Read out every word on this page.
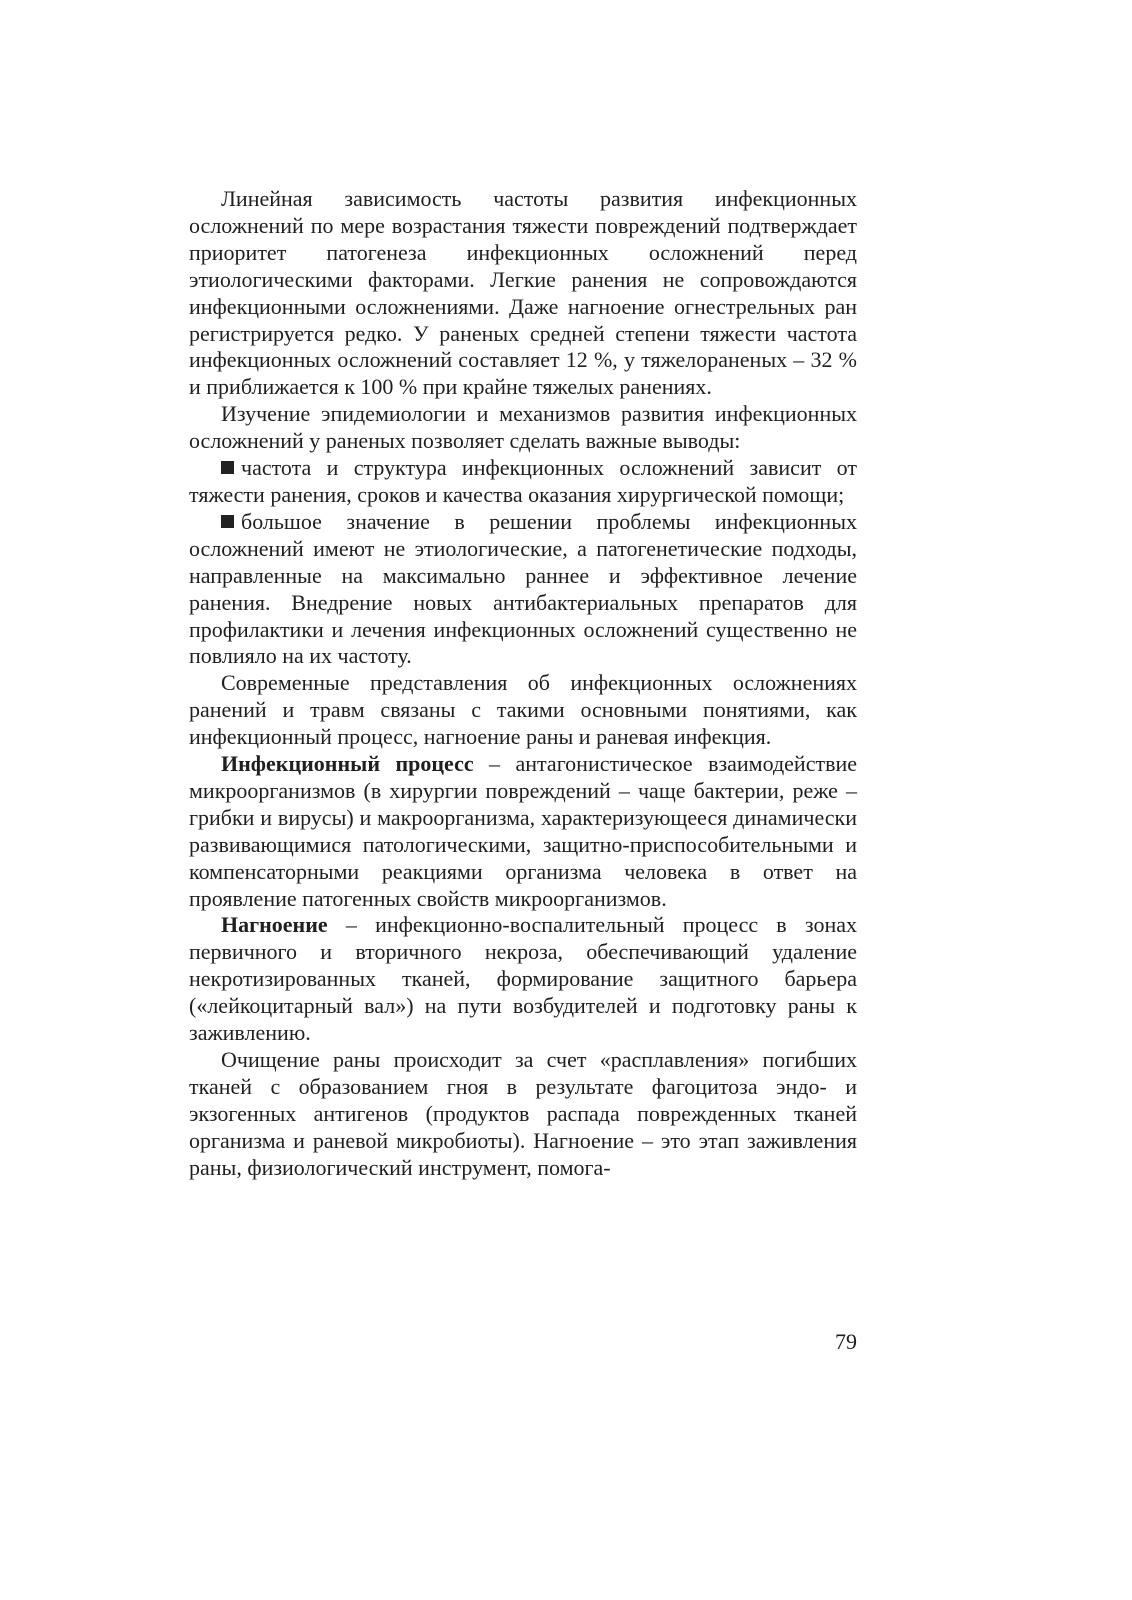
Линейная зависимость частоты развития инфекционных осложнений по мере возрастания тяжести повреждений подтверждает приоритет патогенеза инфекционных осложнений перед этиологическими факторами. Легкие ранения не сопровождаются инфекционными осложнениями. Даже нагноение огнестрельных ран регистрируется редко. У раненых средней степени тяжести частота инфекционных осложнений составляет 12 %, у тяжелораненых – 32 % и приближается к 100 % при крайне тяжелых ранениях.

Изучение эпидемиологии и механизмов развития инфекционных осложнений у раненых позволяет сделать важные выводы:

частота и структура инфекционных осложнений зависит от тяжести ранения, сроков и качества оказания хирургической помощи;

большое значение в решении проблемы инфекционных осложнений имеют не этиологические, а патогенетические подходы, направленные на максимально раннее и эффективное лечение ранения. Внедрение новых антибактериальных препаратов для профилактики и лечения инфекционных осложнений существенно не повлияло на их частоту.

Современные представления об инфекционных осложнениях ранений и травм связаны с такими основными понятиями, как инфекционный процесс, нагноение раны и раневая инфекция.

Инфекционный процесс – антагонистическое взаимодействие микроорганизмов (в хирургии повреждений – чаще бактерии, реже – грибки и вирусы) и макроорганизма, характеризующееся динамически развивающимися патологическими, защитно-приспособительными и компенсаторными реакциями организма человека в ответ на проявление патогенных свойств микроорганизмов.

Нагноение – инфекционно-воспалительный процесс в зонах первичного и вторичного некроза, обеспечивающий удаление некротизированных тканей, формирование защитного барьера («лейкоцитарный вал») на пути возбудителей и подготовку раны к заживлению.

Очищение раны происходит за счет «расплавления» погибших тканей с образованием гноя в результате фагоцитоза эндо- и экзогенных антигенов (продуктов распада поврежденных тканей организма и раневой микробиоты). Нагноение – это этап заживления раны, физиологический инструмент, помога-

79
